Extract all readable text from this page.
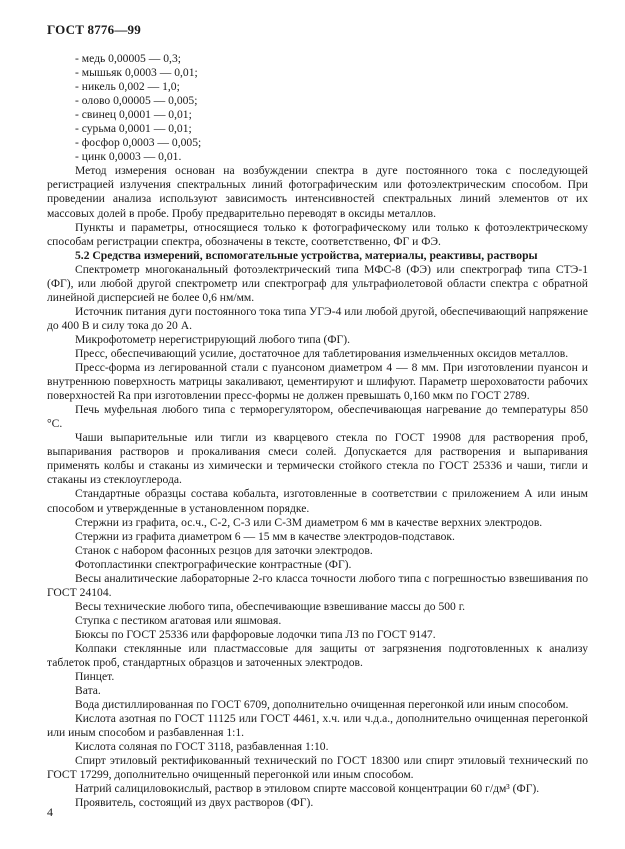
ГОСТ 8776—99
- медь 0,00005 — 0,3;
- мышьяк 0,0003 — 0,01;
- никель 0,002 — 1,0;
- олово 0,00005 — 0,005;
- свинец 0,0001 — 0,01;
- сурьма 0,0001 — 0,01;
- фосфор 0,0003 — 0,005;
- цинк 0,0003 — 0,01.

Метод измерения основан на возбуждении спектра в дуге постоянного тока с последующей регистрацией излучения спектральных линий фотографическим или фотоэлектрическим способом. При проведении анализа используют зависимость интенсивностей спектральных линий элементов от их массовых долей в пробе. Пробу предварительно переводят в оксиды металлов.

Пункты и параметры, относящиеся только к фотографическому или только к фотоэлектрическому способам регистрации спектра, обозначены в тексте, соответственно, ФГ и ФЭ.

5.2 Средства измерений, вспомогательные устройства, материалы, реактивы, растворы

Спектрометр многоканальный фотоэлектрический типа МФС-8 (ФЭ) или спектрограф типа СТЭ-1 (ФГ), или любой другой спектрометр или спектрограф для ультрафиолетовой области спектра с обратной линейной дисперсией не более 0,6 нм/мм.

Источник питания дуги постоянного тока типа УГЭ-4 или любой другой, обеспечивающий напряжение до 400 В и силу тока до 20 А.

Микрофотометр нерегистрирующий любого типа (ФГ).

Пресс, обеспечивающий усилие, достаточное для таблетирования измельченных оксидов металлов.

Пресс-форма из легированной стали с пуансоном диаметром 4 — 8 мм. При изготовлении пуансон и внутреннюю поверхность матрицы закаливают, цементируют и шлифуют. Параметр шероховатости рабочих поверхностей Ra при изготовлении пресс-формы не должен превышать 0,160 мкм по ГОСТ 2789.

Печь муфельная любого типа с терморегулятором, обеспечивающая нагревание до температуры 850 °С.

Чаши выпарительные или тигли из кварцевого стекла по ГОСТ 19908 для растворения проб, выпаривания растворов и прокаливания смеси солей. Допускается для растворения и выпаривания применять колбы и стаканы из химически и термически стойкого стекла по ГОСТ 25336 и чаши, тигли и стаканы из стеклоуглерода.

Стандартные образцы состава кобальта, изготовленные в соответствии с приложением А или иным способом и утвержденные в установленном порядке.

Стержни из графита, ос.ч., С-2, С-3 или С-3М диаметром 6 мм в качестве верхних электродов.

Стержни из графита диаметром 6 — 15 мм в качестве электродов-подставок.

Станок с набором фасонных резцов для заточки электродов.

Фотопластинки спектрографические контрастные (ФГ).

Весы аналитические лабораторные 2-го класса точности любого типа с погрешностью взвешивания по ГОСТ 24104.

Весы технические любого типа, обеспечивающие взвешивание массы до 500 г.

Ступка с пестиком агатовая или яшмовая.

Бюксы по ГОСТ 25336 или фарфоровые лодочки типа ЛЗ по ГОСТ 9147.

Колпаки стеклянные или пластмассовые для защиты от загрязнения подготовленных к анализу таблеток проб, стандартных образцов и заточенных электродов.

Пинцет.

Вата.

Вода дистиллированная по ГОСТ 6709, дополнительно очищенная перегонкой или иным способом.

Кислота азотная по ГОСТ 11125 или ГОСТ 4461, х.ч. или ч.д.а., дополнительно очищенная перегонкой или иным способом и разбавленная 1:1.

Кислота соляная по ГОСТ 3118, разбавленная 1:10.

Спирт этиловый ректификованный технический по ГОСТ 18300 или спирт этиловый технический по ГОСТ 17299, дополнительно очищенный перегонкой или иным способом.

Натрий салициловокислый, раствор в этиловом спирте массовой концентрации 60 г/дм³ (ФГ).

Проявитель, состоящий из двух растворов (ФГ).

4
